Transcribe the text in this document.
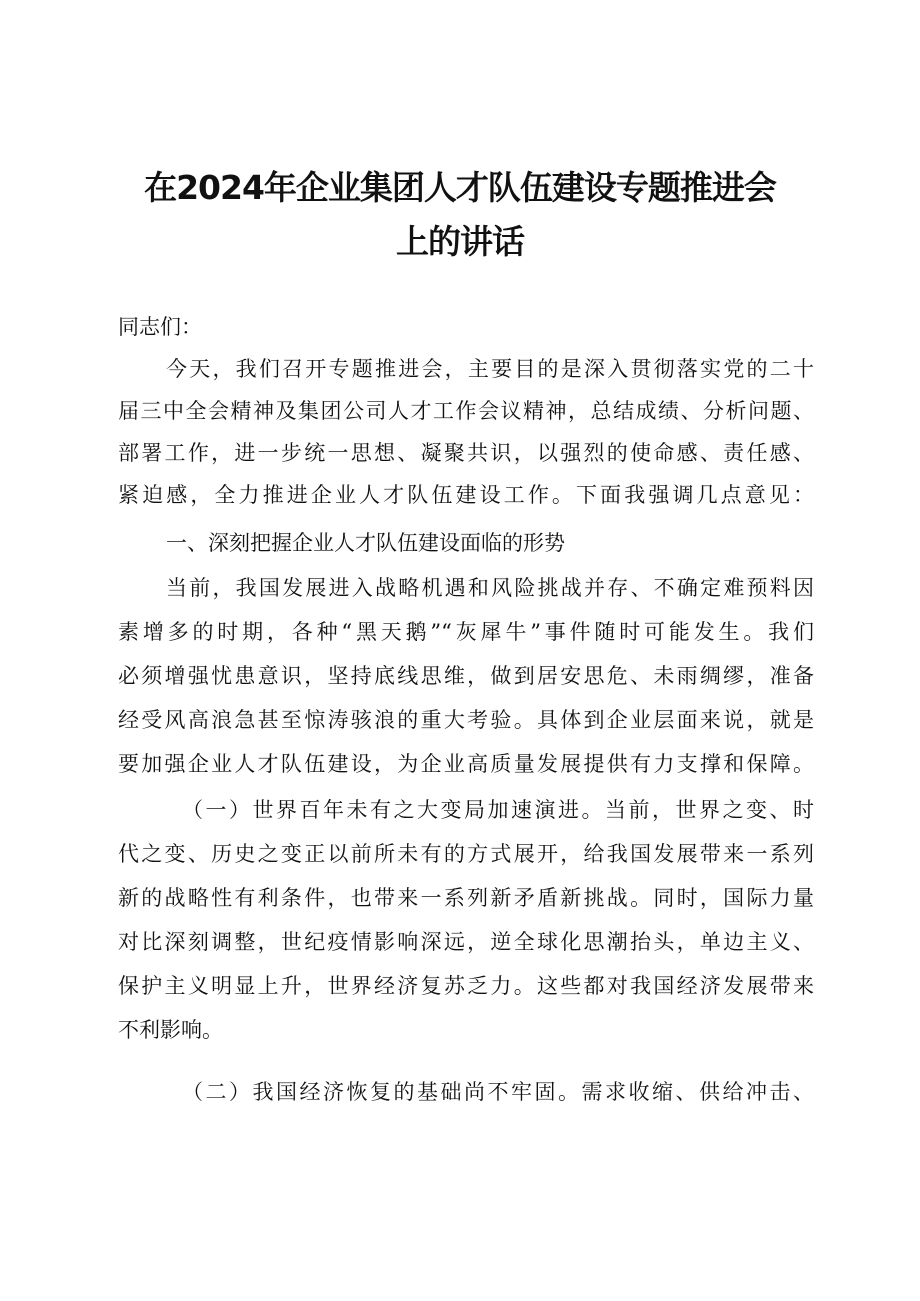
在2024年企业集团人才队伍建设专题推进会
上的讲话

同志们：

今天，我们召开专题推进会，主要目的是深入贯彻落实党的二十

届三中全会精神及集团公司人才工作会议精神，总结成绩、分析问题、

部署工作，进一步统一思想、凝聚共识，以强烈的使命感、责任感、

紧迫感，全力推进企业人才队伍建设工作。下面我强调几点意见：

一、深刻把握企业人才队伍建设面临的形势

当前，我国发展进入战略机遇和风险挑战并存、不确定难预料因

素增多的时期，各种“黑天鹅”“灰犀牛”事件随时可能发生。我们

必须增强忧患意识，坚持底线思维，做到居安思危、未雨绸缪，准备

经受风高浪急甚至惊涛骇浪的重大考验。具体到企业层面来说，就是

要加强企业人才队伍建设，为企业高质量发展提供有力支撑和保障。

（一）世界百年未有之大变局加速演进。当前，世界之变、时

代之变、历史之变正以前所未有的方式展开，给我国发展带来一系列

新的战略性有利条件，也带来一系列新矛盾新挑战。同时，国际力量

对比深刻调整，世纪疫情影响深远，逆全球化思潮抬头，单边主义、

保护主义明显上升，世界经济复苏乏力。这些都对我国经济发展带来

不利影响。

（二）我国经济恢复的基础尚不牢固。需求收缩、供给冲击、
